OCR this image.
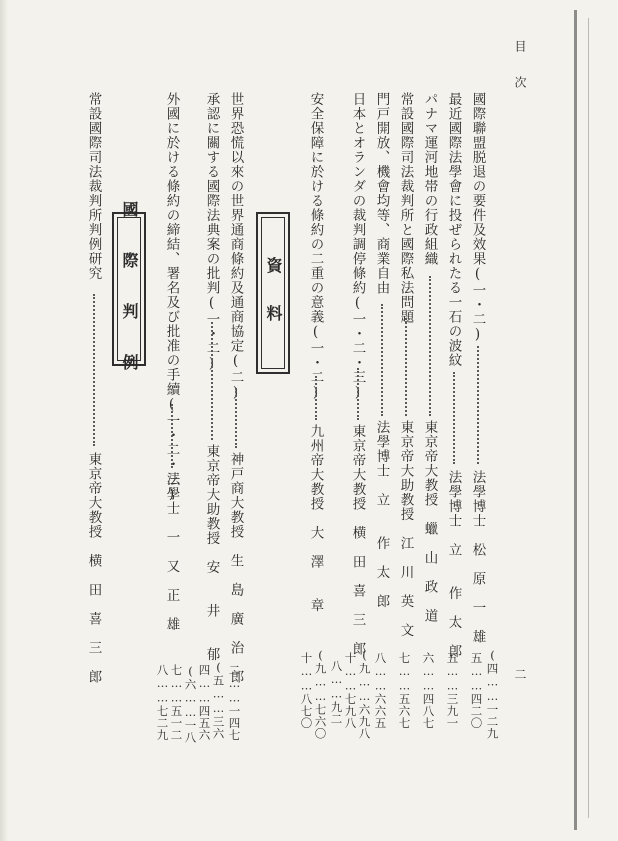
目　次
二
國際聯盟脱退の要件及效果(一・二)
法學博士　松　原　一　雄
(四……一二九
五……四二〇
最近國際法學會に投ぜられたる一石の波紋
法學博士　立　　作　太　郎
五……三九一
パナマ運河地帯の行政組織
東京帝大教授　蠟　山　政　道
六……四八七
常設國際司法裁判所と國際私法問題
東京帝大助教授　江　川　英　文
七……五六七
門戸開放、機會均等、商業自由
法學博士　立　　作　太　郎
八……六六五
日本とオランダの裁判調停條約(一・二・三)
東京帝大教授　横　田　喜　三　郎
(九……六九八
十……七九八
八……九二
安全保障に於ける條約の二重の意義(一・二)
九州帝大教授　大　澤　　章
(九……七六〇
十……八七〇
資　料
世界恐慌以來の世界通商條約及通商協定(二)
神戸商大教授　生　島　廣　治　郎
二……一四七
承認に關する國際法典案の批判(一・二)
東京帝大助教授　安　　井　　郁
(五……三六
四……四五六
外國に於ける條約の締結、署名及び批准の手續(一・二・三)
法學士　一　又　正　雄
(六……一八
七……五一二
八……七二九
國 際 判 例
常設國際司法裁判所判例研究
東京帝大教授　横　田　喜　三　郎
